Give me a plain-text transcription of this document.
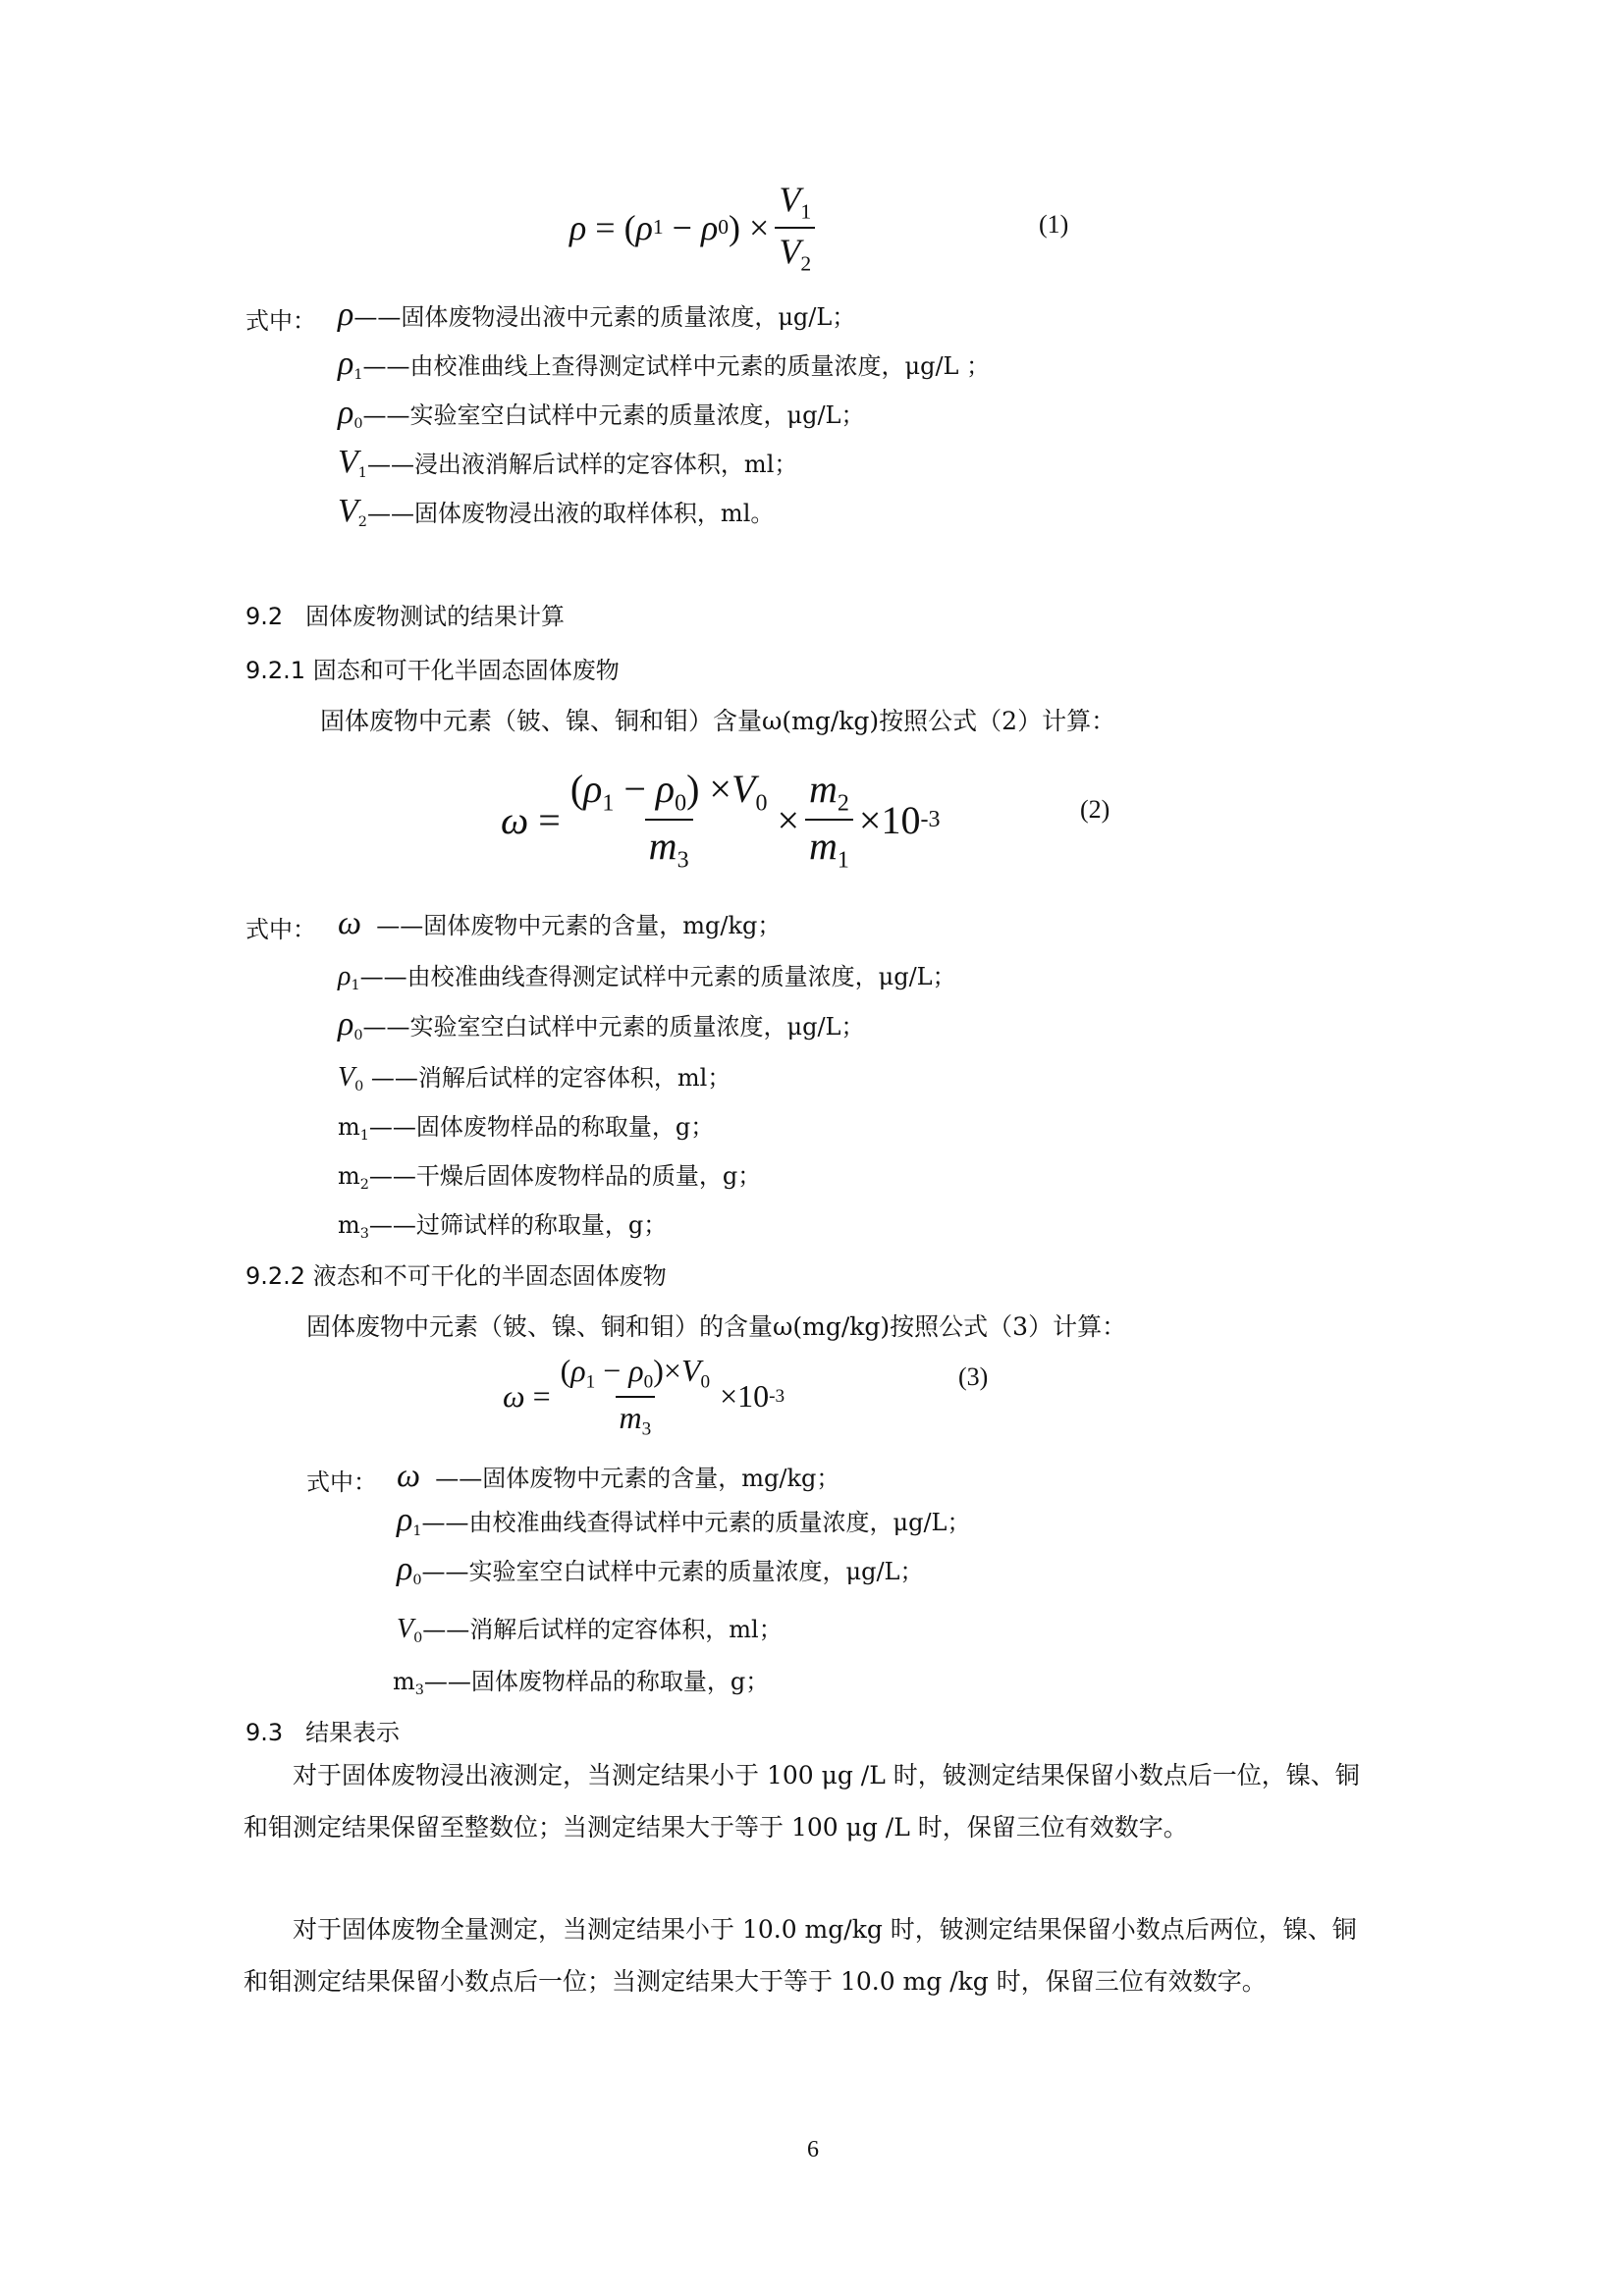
ρ = ( ρ 1 − ρ 0 ) × $\frac{V_1}{V_2}$	(1)
式中： ρ——固体废物浸出液中元素的质量浓度，μg/L；
$\rho_1——$由校准曲线上查得测定试样中元素的质量浓度，μg/L ；
$\rho_0——$实验室空白试样中元素的质量浓度，μg/L；
$V_1——$浸出液消解后试样的定容体积，ml；
$V_2——$固体废物浸出液的取样体积，ml。
9.2 固体废物测试的结果计算
9.2.1 固态和可干化半固态固体废物
固体废物中元素（铍、镍、铜和钼）含量ω(mg/kg)按照公式（2）计算：
$\omega = \frac{(\rho_1 - \rho_0) \times V_0}{m_3} \times \frac{m_2}{m_1} \times 10$ -3	(2)
式中： ω ——固体废物中元素的含量，mg/kg；
$\rho_1——$由校准曲线查得测定试样中元素的质量浓度，μg/L；
$\rho_0——$实验室空白试样中元素的质量浓度，μg/L；
$V_0$ ——消解后试样的定容体积，ml；
$m_1——$固体废物样品的称取量，g；
$m_2——$干燥后固体废物样品的质量，g；
$m_3——$过筛试样的称取量，g；
9.2.2 液态和不可干化的半固态固体废物
固体废物中元素（铍、镍、铜和钼）的含量ω(mg/kg)按照公式（3）计算：
$\omega = \frac{(\rho_1 - \rho_0)\times V_0}{m_3} \times 10$ -3
(3)
式中： ω ——固体废物中元素的含量，mg/kg；
$\rho_1——$由校准曲线查得试样中元素的质量浓度，μg/L；
$\rho_0——$实验室空白试样中元素的质量浓度，μg/L；
$V_0——$消解后试样的定容体积，ml；
$m_3——$固体废物样品的称取量，g；
9.3 结果表示

对于固体废物浸出液测定，当测定结果小于 100 μg /L 时，铍测定结果保留小数点后一位，镍、铜和钼测定结果保留至整数位；当测定结果大于等于 100 μg /L 时，保留三位有效数字。

对于固体废物全量测定，当测定结果小于 10.0 mg/kg 时，铍测定结果保留小数点后两位，镍、铜和钼测定结果保留小数点后一位；当测定结果大于等于 10.0 mg /kg 时，保留三位有效数字。

6
